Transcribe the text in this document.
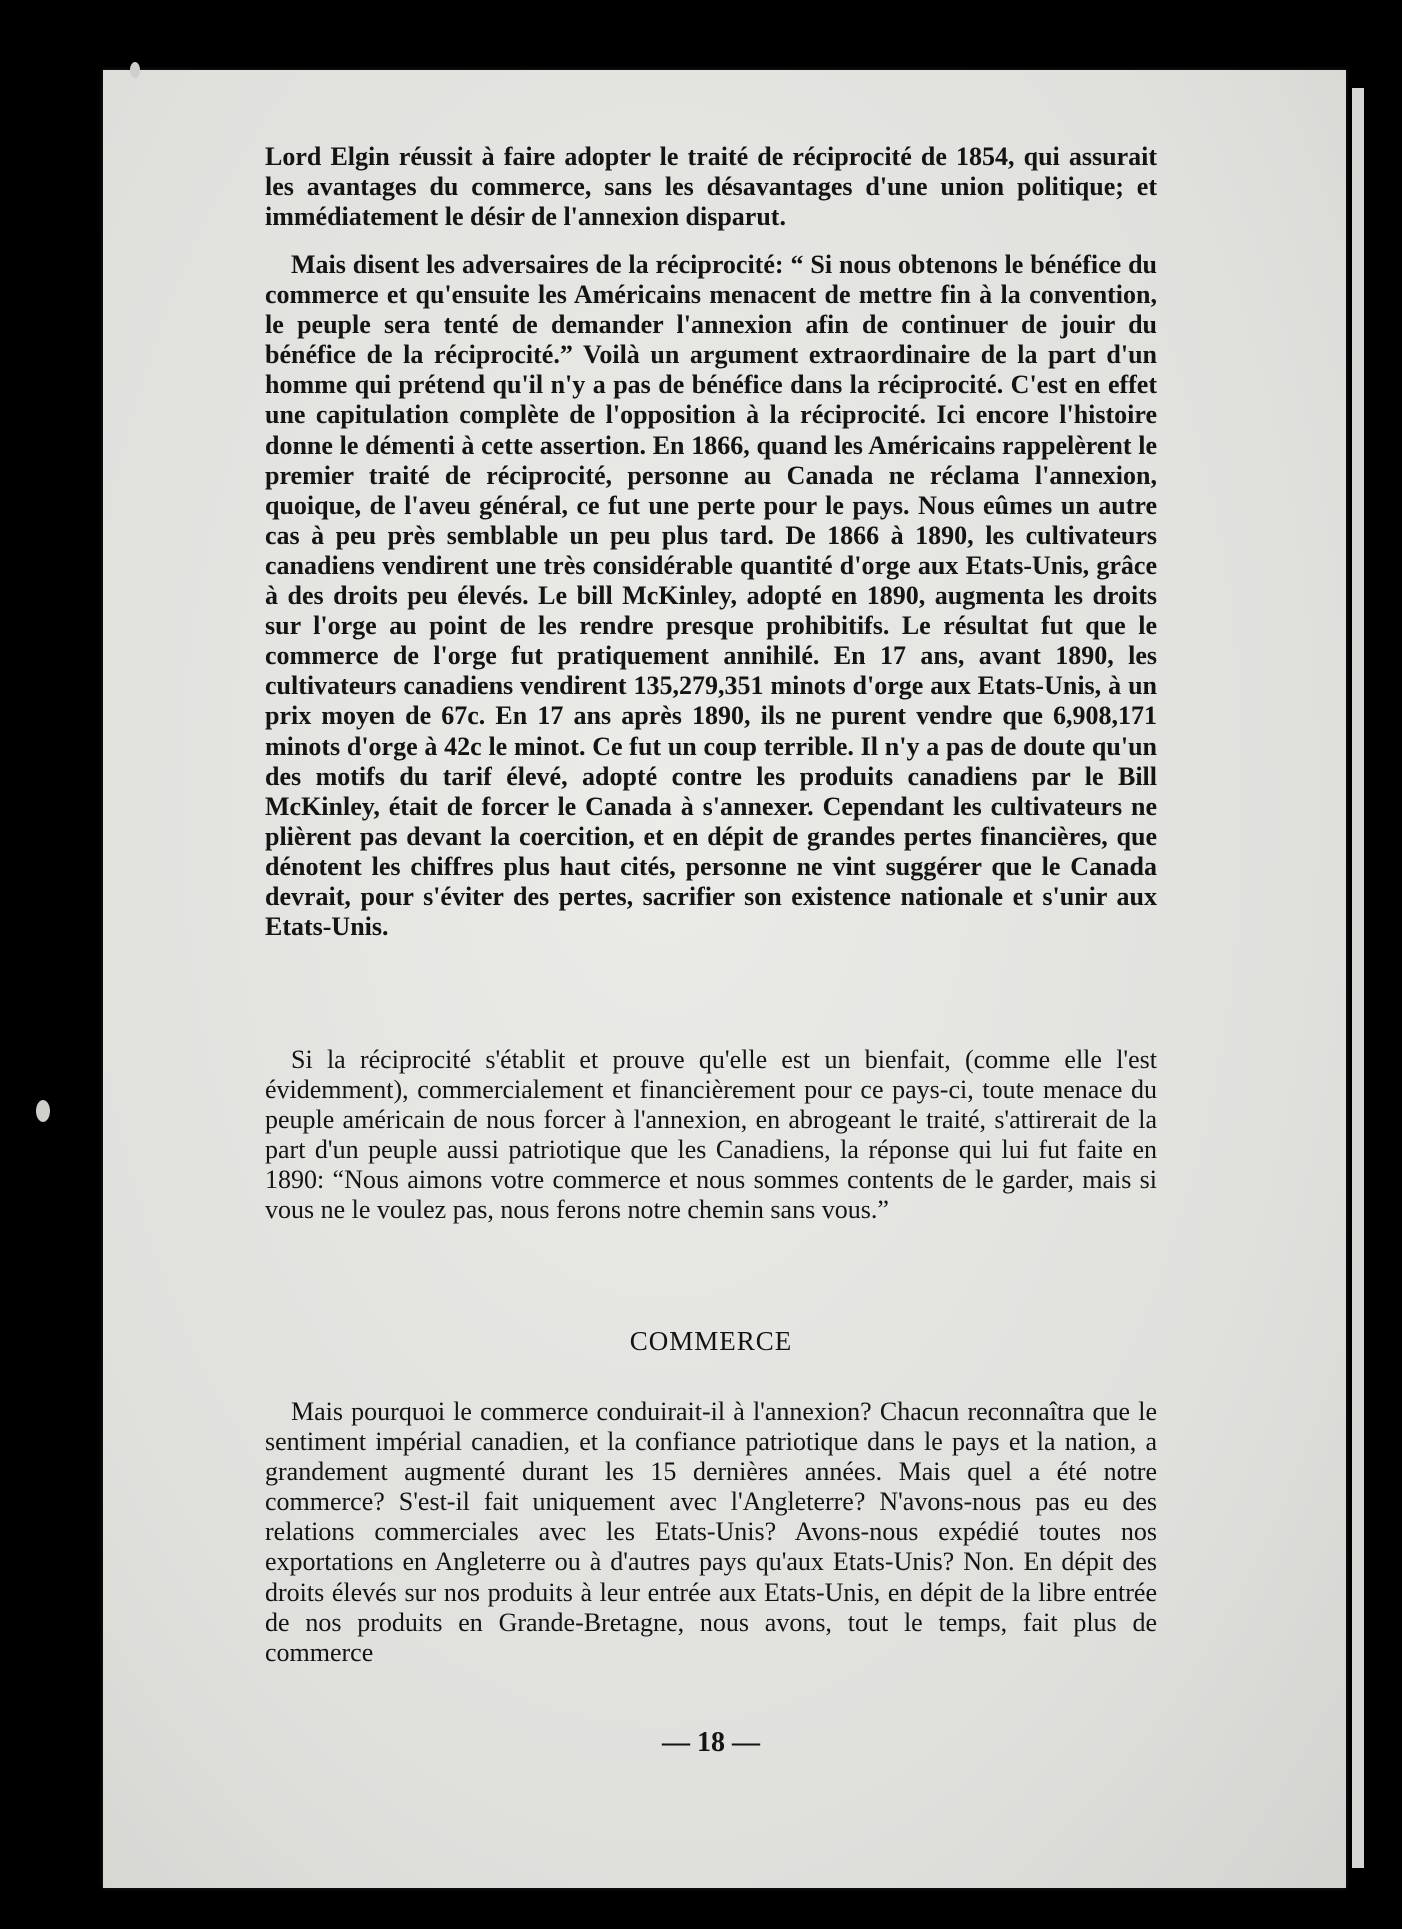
Lord Elgin réussit à faire adopter le traité de réciprocité de 1854, qui assurait les avantages du commerce, sans les désavantages d'une union politique; et immédiatement le désir de l'annexion disparut.

Mais disent les adversaires de la réciprocité: “ Si nous obtenons le bénéfice du commerce et qu'ensuite les Américains menacent de mettre fin à la convention, le peuple sera tenté de demander l'annexion afin de continuer de jouir du bénéfice de la réciprocité.” Voilà un argument extraordinaire de la part d'un homme qui prétend qu'il n'y a pas de bénéfice dans la réciprocité. C'est en effet une capitulation complète de l'opposition à la réciprocité. Ici encore l'histoire donne le démenti à cette assertion. En 1866, quand les Américains rappelèrent le premier traité de réciprocité, personne au Canada ne réclama l'annexion, quoique, de l'aveu général, ce fut une perte pour le pays. Nous eûmes un autre cas à peu près semblable un peu plus tard. De 1866 à 1890, les cultivateurs canadiens vendirent une très considérable quantité d'orge aux Etats-Unis, grâce à des droits peu élevés. Le bill McKinley, adopté en 1890, augmenta les droits sur l'orge au point de les rendre presque prohibitifs. Le résultat fut que le commerce de l'orge fut pratiquement annihilé. En 17 ans, avant 1890, les cultivateurs canadiens vendirent 135,279,351 minots d'orge aux Etats-Unis, à un prix moyen de 67c. En 17 ans après 1890, ils ne purent vendre que 6,908,171 minots d'orge à 42c le minot. Ce fut un coup terrible. Il n'y a pas de doute qu'un des motifs du tarif élevé, adopté contre les produits canadiens par le Bill McKinley, était de forcer le Canada à s'annexer. Cependant les cultivateurs ne plièrent pas devant la coercition, et en dépit de grandes pertes financières, que dénotent les chiffres plus haut cités, personne ne vint suggérer que le Canada devrait, pour s'éviter des pertes, sacrifier son existence nationale et s'unir aux Etats-Unis.

Si la réciprocité s'établit et prouve qu'elle est un bienfait, (comme elle l'est évidemment), commercialement et financièrement pour ce pays-ci, toute menace du peuple américain de nous forcer à l'annexion, en abrogeant le traité, s'attirerait de la part d'un peuple aussi patriotique que les Canadiens, la réponse qui lui fut faite en 1890: “Nous aimons votre commerce et nous sommes contents de le garder, mais si vous ne le voulez pas, nous ferons notre chemin sans vous.”

COMMERCE

Mais pourquoi le commerce conduirait-il à l'annexion? Chacun reconnaîtra que le sentiment impérial canadien, et la confiance patriotique dans le pays et la nation, a grandement augmenté durant les 15 dernières années. Mais quel a été notre commerce? S'est-il fait uniquement avec l'Angleterre? N'avons-nous pas eu des relations commerciales avec les Etats-Unis? Avons-nous expédié toutes nos exportations en Angleterre ou à d'autres pays qu'aux Etats-Unis? Non. En dépit des droits élevés sur nos produits à leur entrée aux Etats-Unis, en dépit de la libre entrée de nos produits en Grande-Bretagne, nous avons, tout le temps, fait plus de commerce

— 18 —
